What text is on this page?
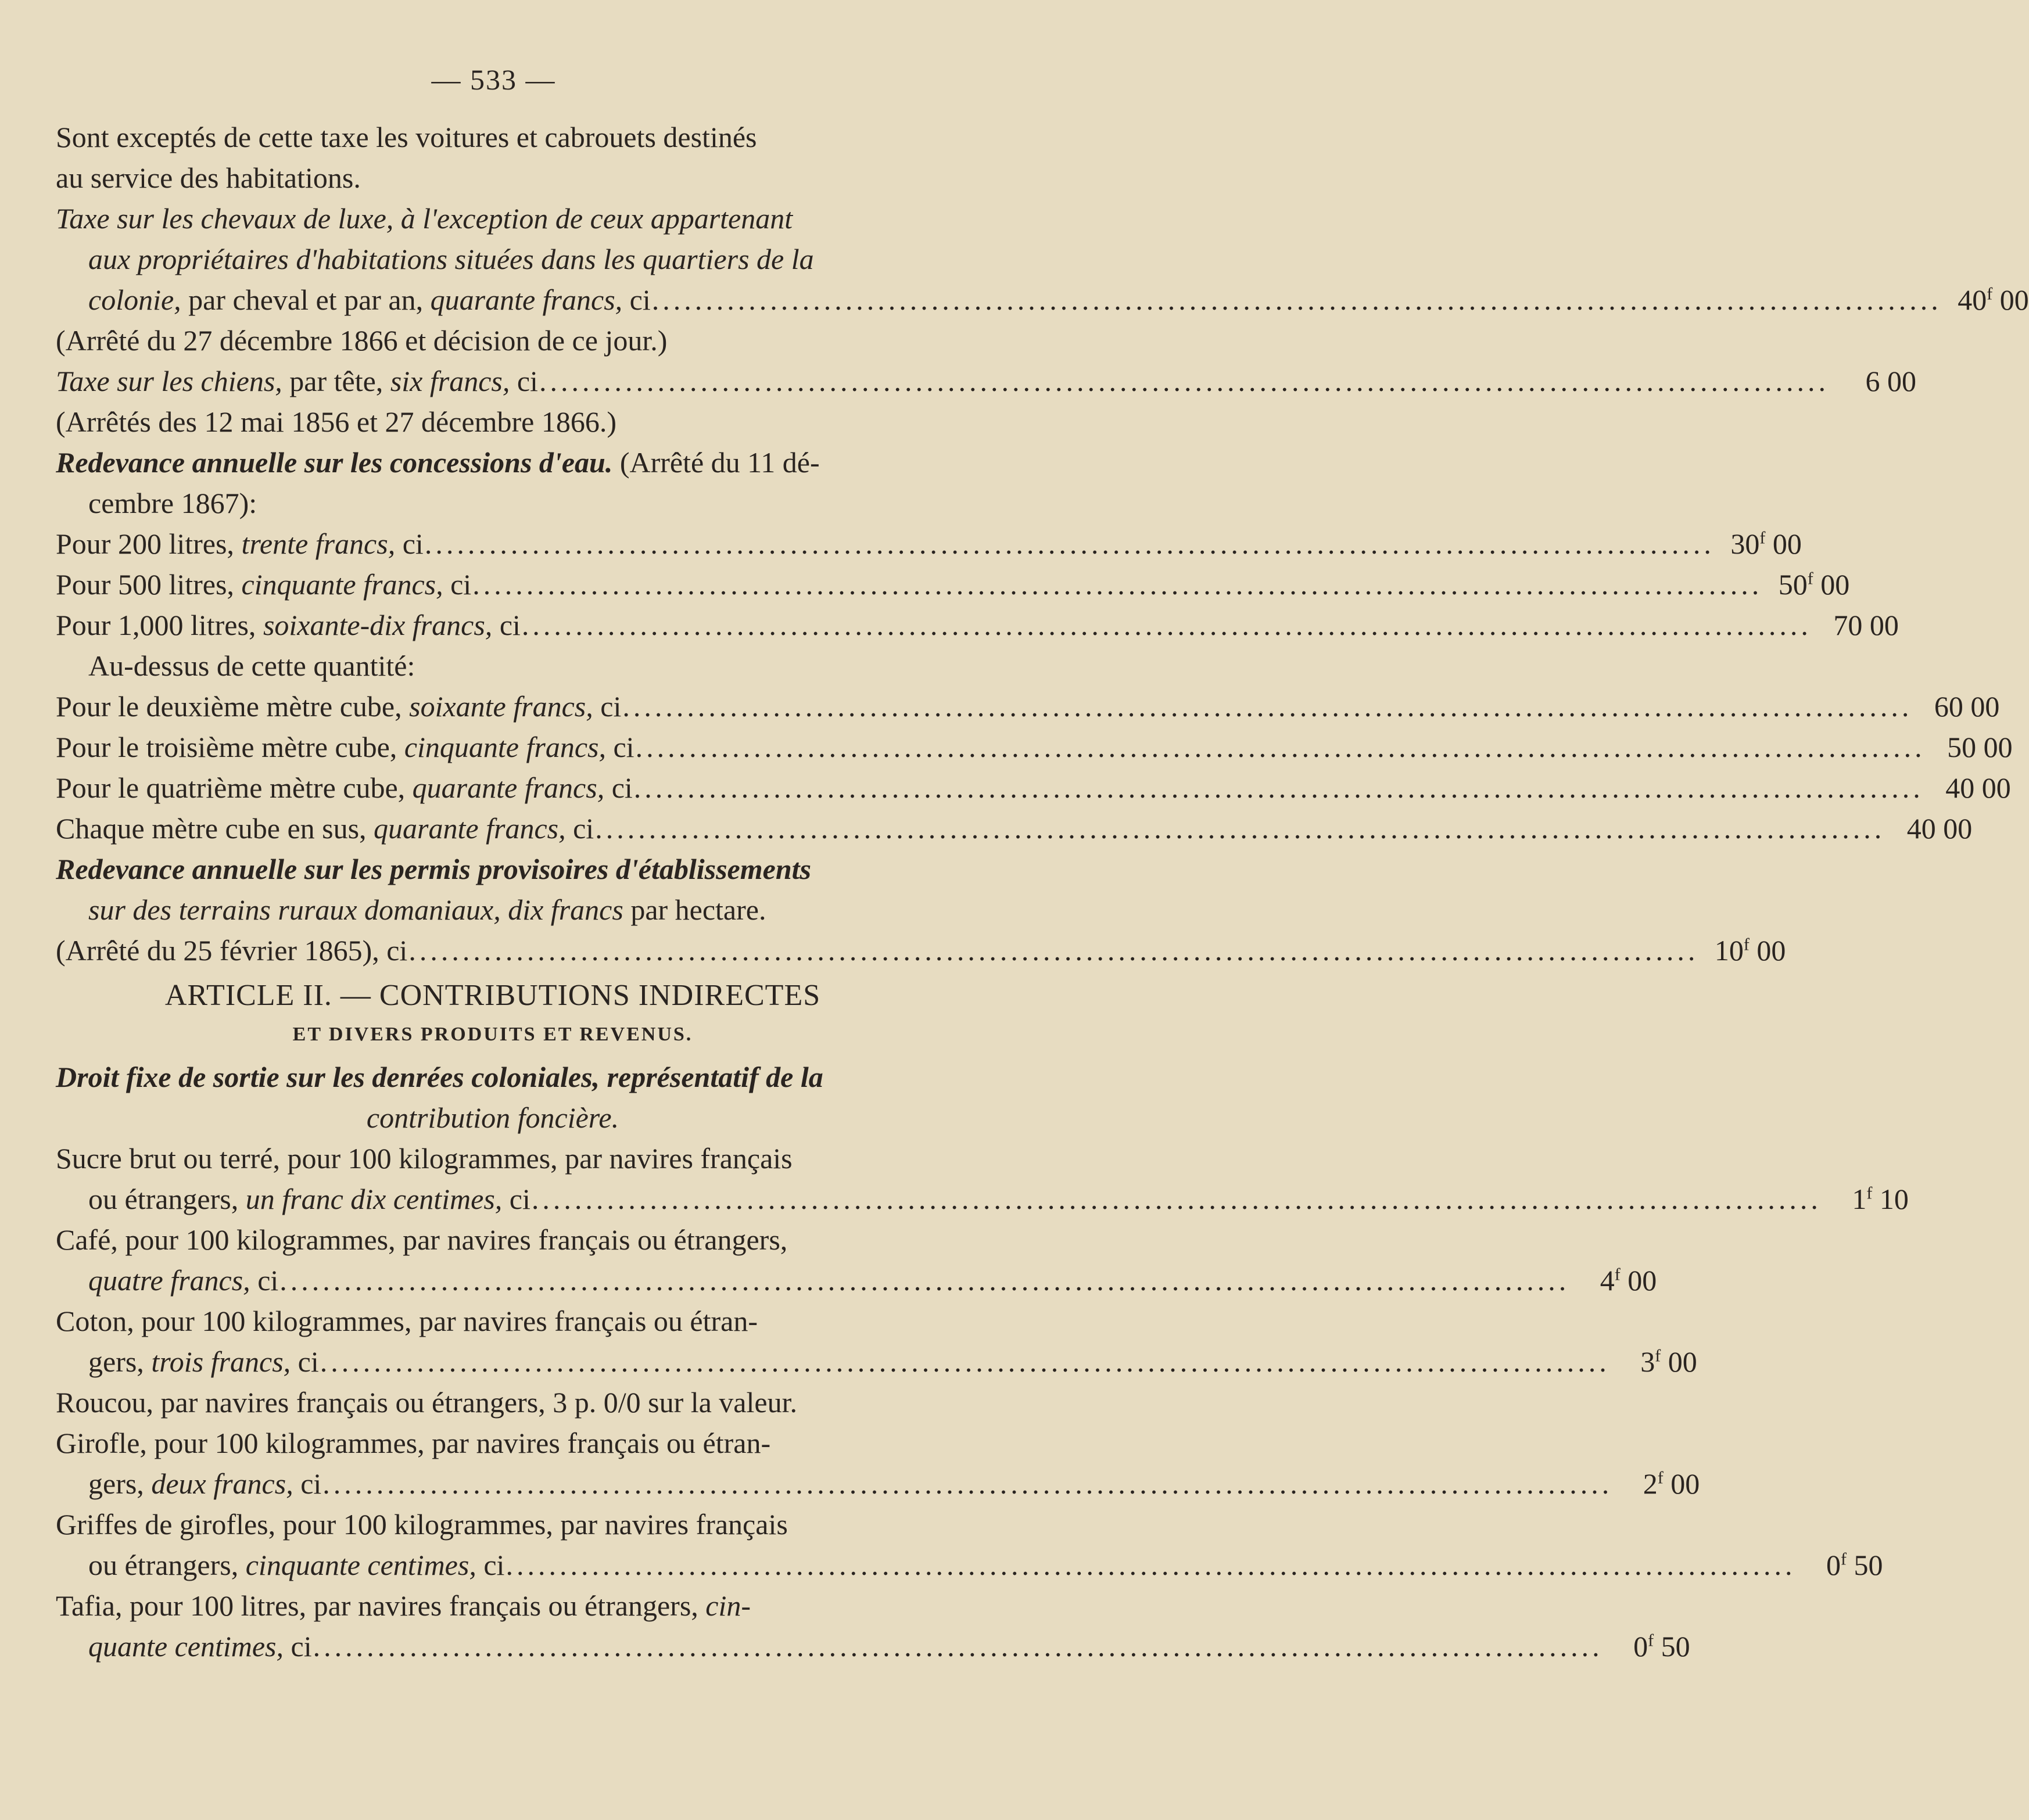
— 533 —
Sont exceptés de cette taxe les voitures et cabrouets destinés
au service des habitations.
Taxe sur les chevaux de luxe, à l'exception de ceux appartenant
aux propriétaires d'habitations situées dans les quartiers de la
colonie, par cheval et par an, quarante francs, ci ........................................................................................................................ 40$^f$ 00
(Arrêté du 27 décembre 1866 et décision de ce jour.)
Taxe sur les chiens, par tête, six francs, ci ........................................................................................................................	6 00
(Arrêtés des 12 mai 1856 et 27 décembre 1866.)
Redevance annuelle sur les concessions d'eau. (Arrêté du 11 dé-
cembre 1867):
Pour 200 litres, trente francs, ci ........................................................................................................................ 30$^f$ 00
Pour 500 litres, cinquante francs, ci ........................................................................................................................ 50$^f$ 00
Pour 1,000 litres, soixante-dix francs, ci ........................................................................................................................ 70 00
Au-dessus de cette quantité:
Pour le deuxième mètre cube, soixante francs, ci ........................................................................................................................ 60 00
Pour le troisième mètre cube, cinquante francs, ci ........................................................................................................................ 50 00
Pour le quatrième mètre cube, quarante francs, ci ........................................................................................................................ 40 00
Chaque mètre cube en sus, quarante francs, ci ........................................................................................................................ 40 00
Redevance annuelle sur les permis provisoires d'établissements
sur des terrains ruraux domaniaux, dix francs par hectare.
(Arrêté du 25 février 1865), ci ........................................................................................................................ 10$^f$ 00
ARTICLE II. — CONTRIBUTIONS INDIRECTES
ET DIVERS PRODUITS ET REVENUS.
Droit fixe de sortie sur les denrées coloniales, représentatif de la
contribution foncière.
Sucre brut ou terré, pour 100 kilogrammes, par navires français
ou étrangers, un franc dix centimes, ci ........................................................................................................................	1$^f$ 10
Café, pour 100 kilogrammes, par navires français ou étrangers,
quatre francs, ci ........................................................................................................................	4$^f$ 00
Coton, pour 100 kilogrammes, par navires français ou étran-
gers, trois francs, ci ........................................................................................................................	3$^f$ 00
Roucou, par navires français ou étrangers, 3 p. 0/0 sur la valeur.
Girofle, pour 100 kilogrammes, par navires français ou étran-
gers, deux francs, ci ........................................................................................................................	2$^f$ 00
Griffes de girofles, pour 100 kilogrammes, par navires français
ou étrangers, cinquante centimes, ci ........................................................................................................................	0$^f$ 50
Tafia, pour 100 litres, par navires français ou étrangers, cin-
quante centimes, ci ........................................................................................................................	0$^f$ 50
